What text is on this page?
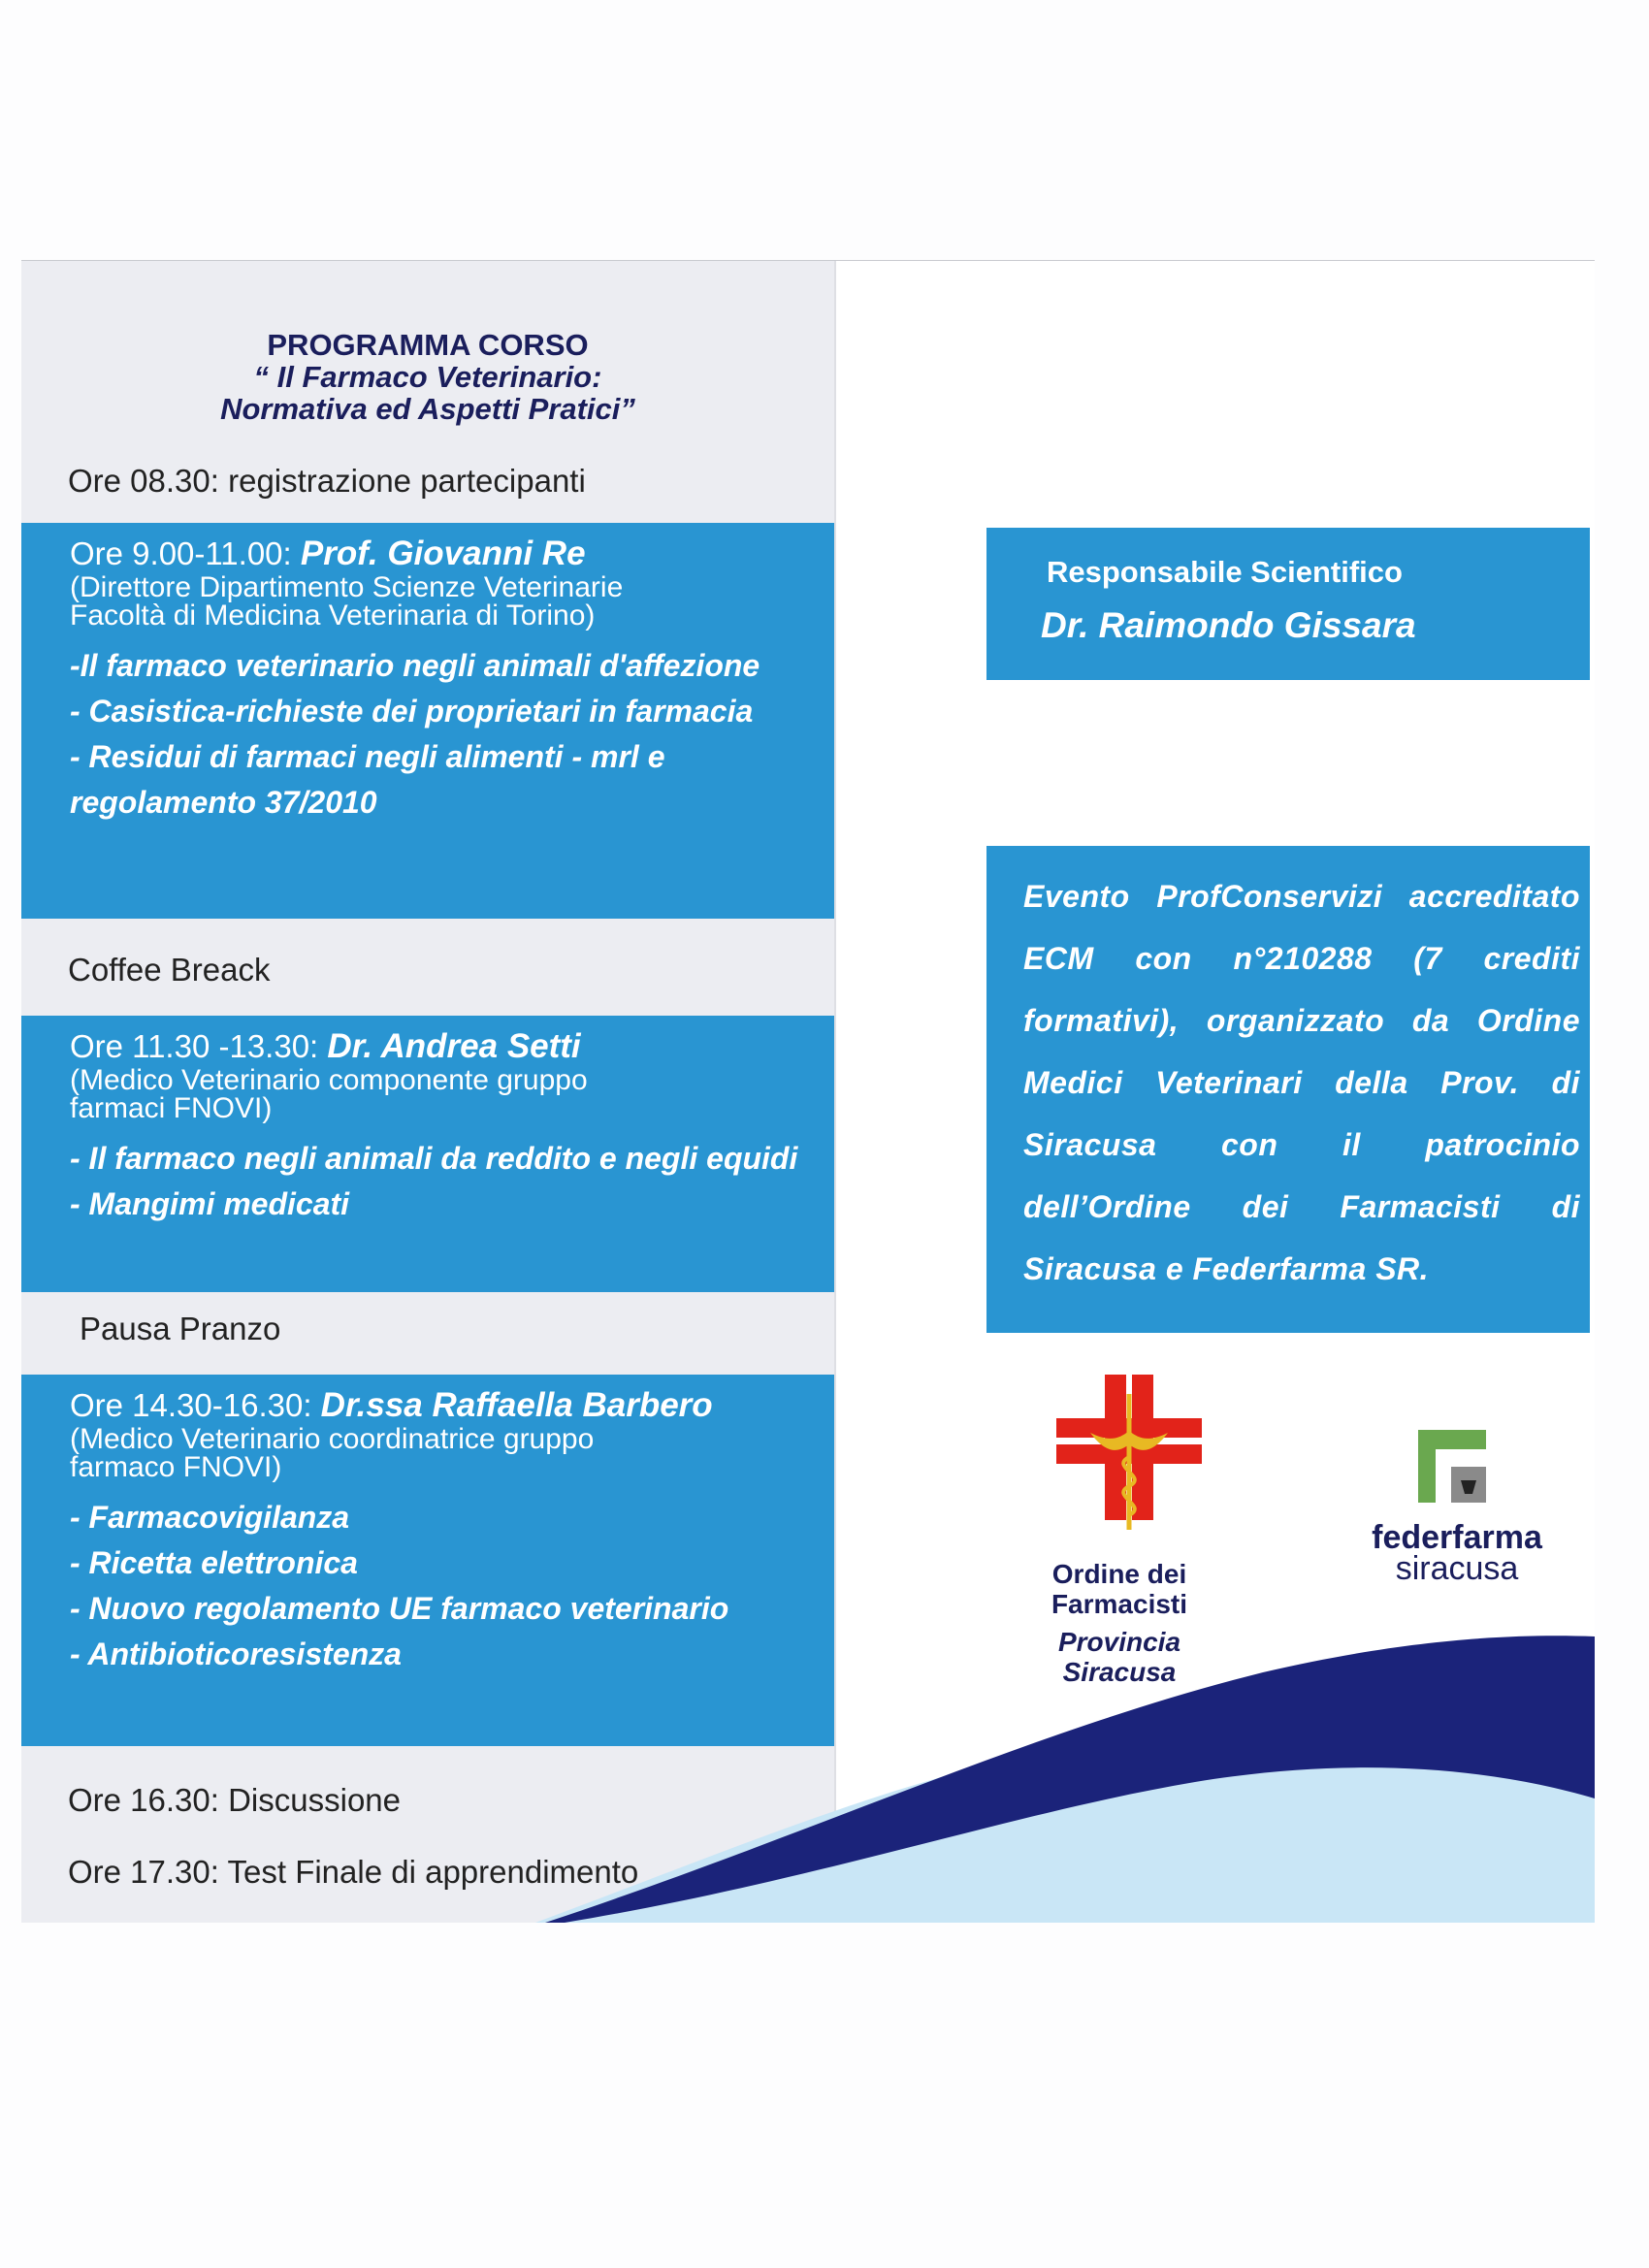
PROGRAMMA CORSO
“ Il Farmaco Veterinario:
Normativa ed Aspetti Pratici”
Ore 08.30: registrazione partecipanti
Ore 9.00-11.00: Prof. Giovanni Re
(Direttore Dipartimento Scienze Veterinarie
Facoltà di Medicina Veterinaria di Torino)
-Il farmaco veterinario negli animali d'affezione
- Casistica-richieste dei proprietari in farmacia
- Residui di farmaci negli alimenti - mrl e regolamento 37/2010
Coffee Breack
Ore 11.30 -13.30: Dr. Andrea Setti
(Medico Veterinario componente gruppo
farmaci FNOVI)
- Il farmaco negli animali da reddito e negli equidi
- Mangimi medicati
Pausa Pranzo
Ore 14.30-16.30: Dr.ssa Raffaella Barbero
(Medico Veterinario coordinatrice gruppo
farmaco FNOVI)
- Farmacovigilanza
- Ricetta elettronica
- Nuovo regolamento UE farmaco veterinario
- Antibioticoresistenza
Ore 16.30: Discussione
Ore 17.30: Test Finale di apprendimento
Responsabile Scientifico
Dr. Raimondo Gissara
Evento ProfConservizi accreditato ECM con n°210288 (7 crediti formativi), organizzato da Ordine Medici Veterinari della Prov. di Siracusa con il patrocinio dell’Ordine dei Farmacisti di Siracusa e Federfarma SR.
Ordine dei
Farmacisti
Provincia
Siracusa
federfarma
siracusa
